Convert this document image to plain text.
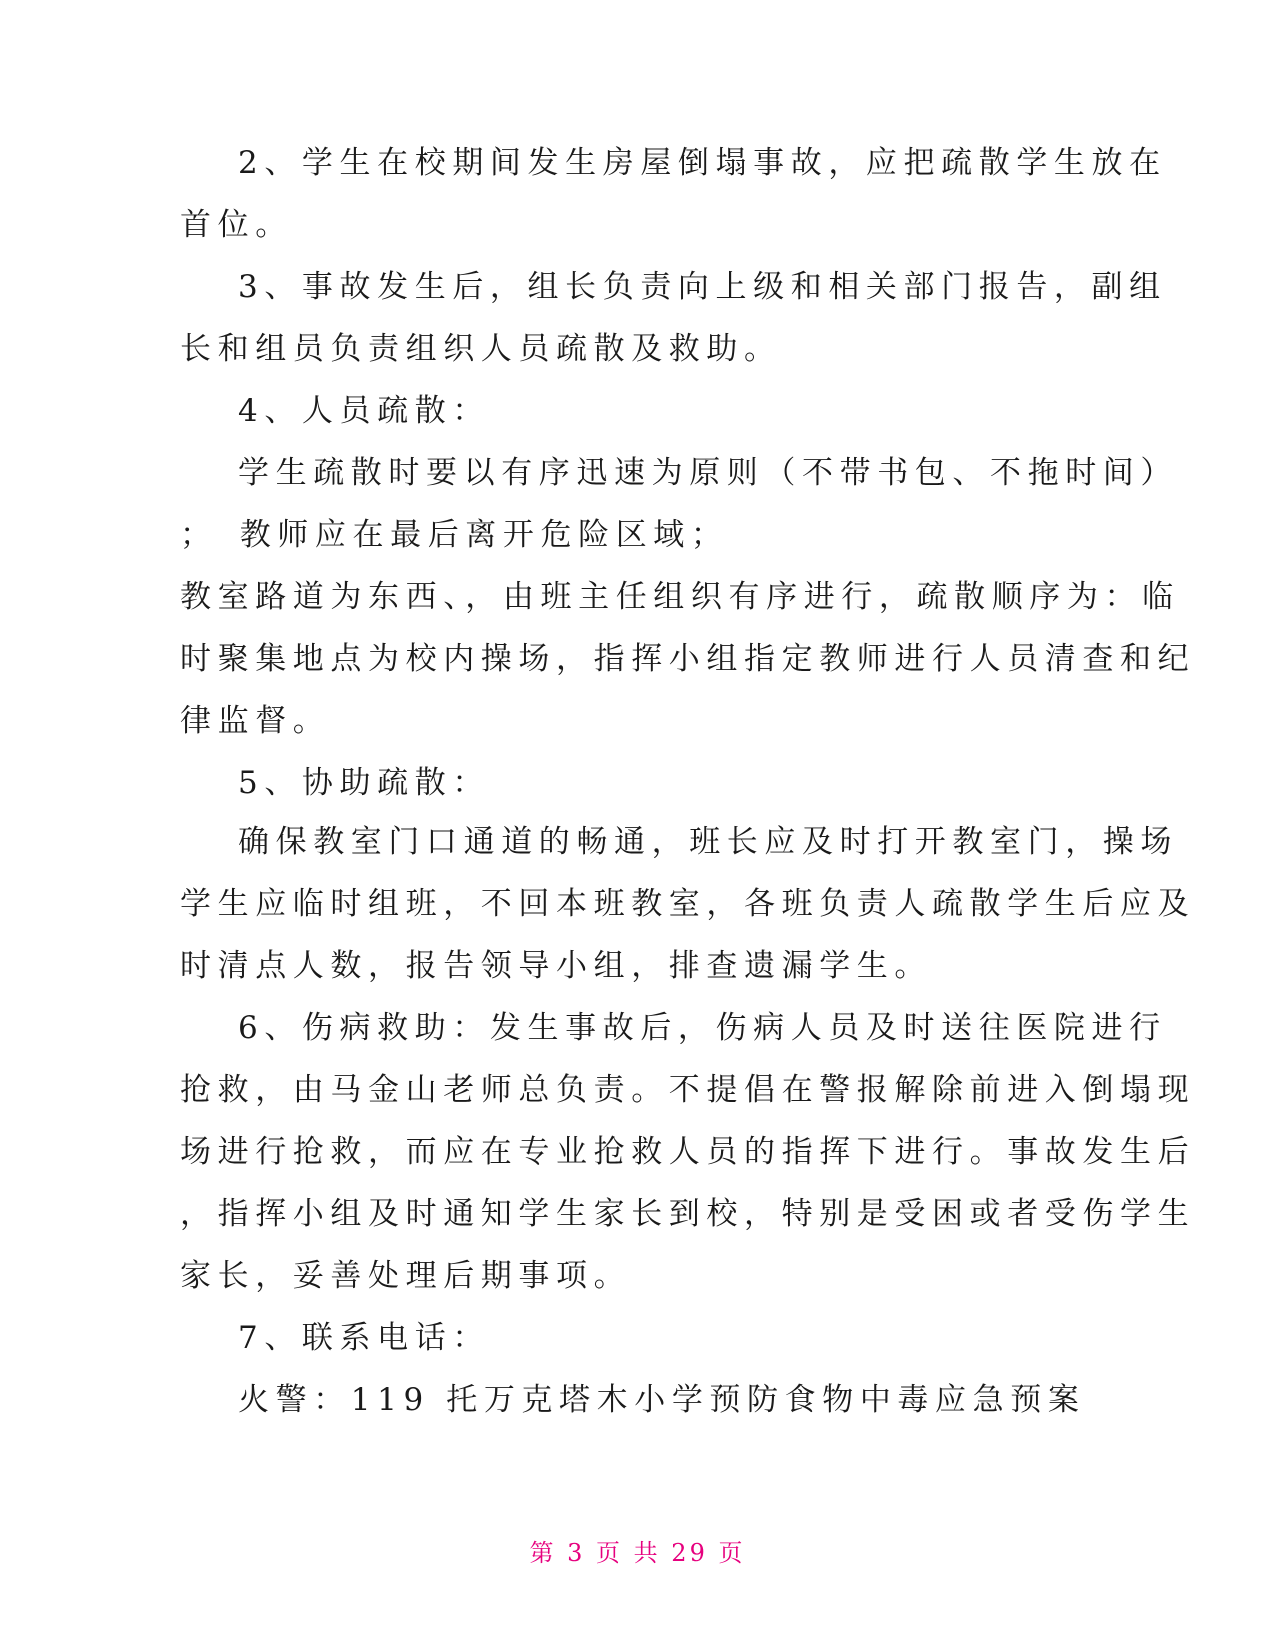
2、学生在校期间发生房屋倒塌事故，应把疏散学生放在

首位。

3、事故发生后，组长负责向上级和相关部门报告，副组

长和组员负责组织人员疏散及救助。

4、人员疏散：

学生疏散时要以有序迅速为原则（不带书包、不拖时间）

；　教师应在最后离开危险区域；

教室路道为东西、，由班主任组织有序进行，疏散顺序为：临

时聚集地点为校内操场，指挥小组指定教师进行人员清查和纪

律监督。

5、协助疏散：

确保教室门口通道的畅通，班长应及时打开教室门，操场

学生应临时组班，不回本班教室，各班负责人疏散学生后应及

时清点人数，报告领导小组，排查遗漏学生。

6、伤病救助：发生事故后，伤病人员及时送往医院进行

抢救，由马金山老师总负责。不提倡在警报解除前进入倒塌现

场进行抢救，而应在专业抢救人员的指挥下进行。事故发生后

，指挥小组及时通知学生家长到校，特别是受困或者受伤学生

家长，妥善处理后期事项。

7、联系电话：

火警：119 托万克塔木小学预防食物中毒应急预案

第 3 页 共 29 页
